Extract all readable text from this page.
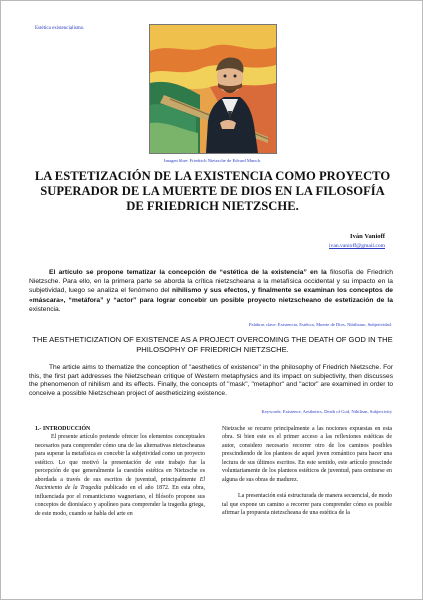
Estética existencialismo.
Imagen libre: Friedrich Nietzsche de Edvard Munch.
LA ESTETIZACIÓN DE LA EXISTENCIA COMO PROYECTO SUPERADOR DE LA MUERTE DE DIOS EN LA FILOSOFÍA DE FRIEDRICH NIETZSCHE.
Iván Vanioff
ivan.vanioff@gmail.com
El artículo se propone tematizar la concepción de “estética de la existencia” en la filosofía de Friedrich Nietzsche. Para ello, en la primera parte se aborda la crítica nietzscheana a la metafísica occidental y su impacto en la subjetividad, luego se analiza el fenómeno del nihilismo y sus efectos, y finalmente se examinan los conceptos de «máscara», “metáfora” y “actor” para lograr concebir un posible proyecto nietzscheano de estetización de la existencia.
Palabras clave: Existencia, Estética, Muerte de Dios, Nihilismo, Subjetividad.
THE AESTHETICIZATION OF EXISTENCE AS A PROJECT OVERCOMING THE DEATH OF GOD IN THE PHILOSOPHY OF FRIEDRICH NIETZSCHE.
The article aims to thematize the conception of "aesthetics of existence" in the philosophy of Friedrich Nietzsche. For this, the first part addresses the Nietzschean critique of Western metaphysics and its impact on subjectivity, then discusses the phenomenon of nihilism and its effects. Finally, the concepts of "mask", "metaphor" and "actor" are examined in order to conceive a possible Nietzschean project of aestheticizing existence.
Keywords: Existence, Aesthetics, Death of God, Nihilism, Subjectivity

1.- INTRODUCCIÓN

El presente artículo pretende ofrecer los elementos conceptuales necesarios para comprender cómo una de las alternativas nietzscheanas para superar la metafísica es concebir la subjetividad como un proyecto estético. Lo que motivó la presentación de este trabajo fue la percepción de que generalmente la cuestión estética en Nietzsche es abordada a través de sus escritos de juventud, principalmente El Nacimiento de la Tragedia publicado en el año 1872. En esta obra, influenciada por el romanticismo wagneriano, el filósofo propone sus conceptos de dionisíaco y apolíneo para comprender la tragedia griega, de este modo, cuando se habla del arte en

Nietzsche se recurre principalmente a las nociones expuestas en esta obra. Si bien este es el primer acceso a las reflexiones estéticas de autor, considero necesario recorrer otro de los caminos posibles prescindiendo de los planteos de aquel joven romántico para hacer una lectura de sus últimos escritos. En este sentido, este artículo prescinde voluntariamente de los planteos estéticos de juventud, para centrarse en alguna de sus obras de madurez.

La presentación está estructurada de manera secuencial, de modo tal que expone un camino a recorrer para comprender cómo es posible afirmar la propuesta nietzscheana de una estética de la
